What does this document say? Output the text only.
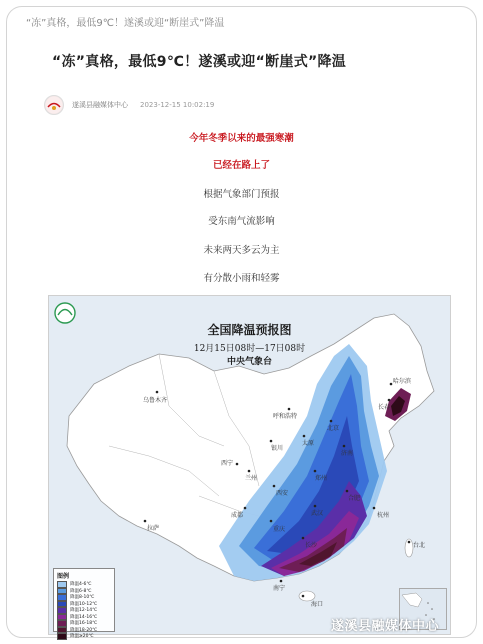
“冻”真格，最低9℃！遂溪或迎“断崖式”降温
“冻”真格，最低9℃！遂溪或迎“断崖式”降温
遂溪县融媒体中心 2023-12-15 10:02:19
今年冬季以来的最强寒潮
已经在路上了
根据气象部门预报
受东南气流影响
未来两天多云为主
有分散小雨和轻雾
全国降温预报图
12月15日08时—17日08时
中央气象台
乌鲁木齐
哈尔滨
长春
呼和浩特
北京
银川
太原
济南
西宁
兰州	郑州
合肥
武汉	杭州
重庆
拉萨
长沙
南宁
海口
台北
成都
西安
图例
降温4-6℃
降温6-8℃
降温8-10℃
降温10-12℃
降温12-14℃
降温14-16℃
降温16-18℃
降温18-20℃
降温≥20℃
遂溪县融媒体中心
